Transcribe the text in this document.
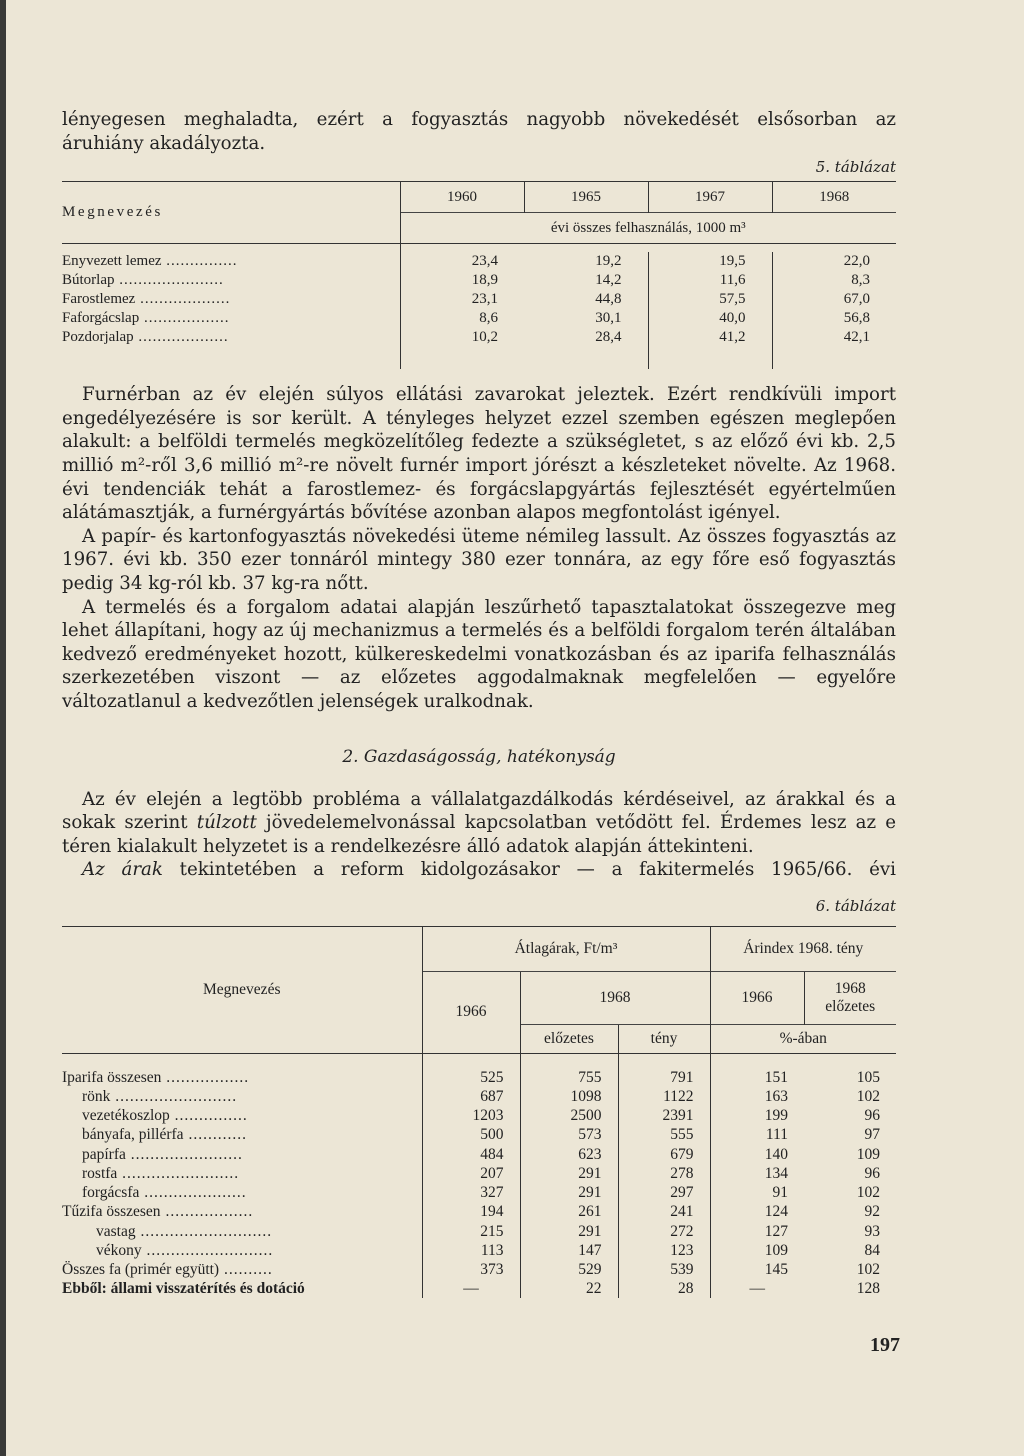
lényegesen meghaladta, ezért a fogyasztás nagyobb növekedését elsősorban az

áruhiány akadályozta.

5. táblázat
Megnevezés	1960	1965	1967	1968
	évi összes felhasználás, 1000 m³			

Enyvezett lemez ...............	23,4	19,2	19,5	22,0
Bútorlap ......................	18,9	14,2	11,6	8,3
Farostlemez ...................	23,1	44,8	57,5	67,0
Faforgácslap ..................	8,6	30,1	40,0	56,8
Pozdorjalap ...................	10,2	28,4	41,2	42,1

Furnérban az év elején súlyos ellátási zavarokat jeleztek. Ezért rendkívüli import engedélyezésére is sor került. A tényleges helyzet ezzel szemben egészen meglepően alakult: a belföldi termelés megközelítőleg fedezte a szükségletet, s az előző évi kb. 2,5 millió m²-ről 3,6 millió m²-re növelt furnér import jórészt a készleteket növelte. Az 1968. évi tendenciák tehát a farostlemez- és forgácslapgyártás fejlesztését egyértelműen alátámasztják, a furnérgyártás bővítése azonban alapos megfontolást igényel.

A papír- és kartonfogyasztás növekedési üteme némileg lassult. Az összes fogyasztás az 1967. évi kb. 350 ezer tonnáról mintegy 380 ezer tonnára, az egy főre eső fogyasztás pedig 34 kg-ról kb. 37 kg-ra nőtt.

A termelés és a forgalom adatai alapján leszűrhető tapasztalatokat összegezve meg lehet állapítani, hogy az új mechanizmus a termelés és a belföldi forgalom terén általában kedvező eredményeket hozott, külkereskedelmi vonatkozásban és az iparifa felhasználás szerkezetében viszont — az előzetes aggodalmaknak megfelelően — egyelőre változatlanul a kedvezőtlen jelenségek uralkodnak.

2. Gazdaságosság, hatékonyság

Az év elején a legtöbb probléma a vállalatgazdálkodás kérdéseivel, az árakkal és a sokak szerint túlzott jövedelemelvonással kapcsolatban vetődött fel. Érdemes lesz az e téren kialakult helyzetet is a rendelkezésre álló adatok alapján áttekinteni.

Az árak tekintetében a reform kidolgozásakor — a fakitermelés 1965/66. évi

6. táblázat
Megnevezés	Átlagárak, Ft/m³			Árindex 1968. tény	
	1966	1968		1966	1968
előzetes
		előzetes	tény	%-ában	

Iparifa összesen .................	525	755	791	151	105
rönk .........................	687	1098	1122	163	102
vezetékoszlop ...............	1203	2500	2391	199	96
bányafa, pillérfa ............	500	573	555	111	97
papírfa .......................	484	623	679	140	109
rostfa ........................	207	291	278	134	96
forgácsfa .....................	327	291	297	91	102
Tűzifa összesen ..................	194	261	241	124	92
vastag ...........................	215	291	272	127	93
vékony ..........................	113	147	123	109	84
Összes fa (primér együtt) ..........	373	529	539	145	102
Ebből: állami visszatérítés és dotáció	—	22	28	—	128
197
